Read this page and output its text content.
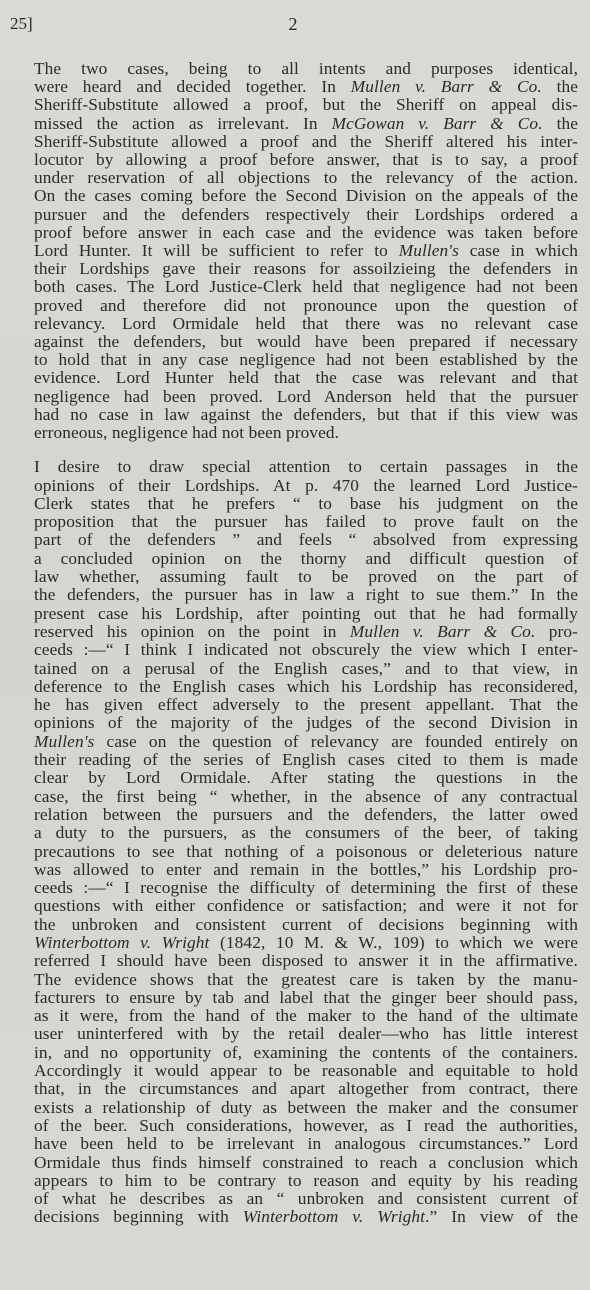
25]	2

The two cases, being to all intents and purposes identical,
were heard and decided together. In Mullen v. Barr & Co. the
Sheriff-Substitute allowed a proof, but the Sheriff on appeal dis-
missed the action as irrelevant. In McGowan v. Barr & Co. the
Sheriff-Substitute allowed a proof and the Sheriff altered his inter-
locutor by allowing a proof before answer, that is to say, a proof
under reservation of all objections to the relevancy of the action.
On the cases coming before the Second Division on the appeals of the
pursuer and the defenders respectively their Lordships ordered a
proof before answer in each case and the evidence was taken before
Lord Hunter. It will be sufficient to refer to Mullen's case in which
their Lordships gave their reasons for assoilzieing the defenders in
both cases. The Lord Justice-Clerk held that negligence had not been
proved and therefore did not pronounce upon the question of
relevancy. Lord Ormidale held that there was no relevant case
against the defenders, but would have been prepared if necessary
to hold that in any case negligence had not been established by the
evidence. Lord Hunter held that the case was relevant and that
negligence had been proved. Lord Anderson held that the pursuer
had no case in law against the defenders, but that if this view was
erroneous, negligence had not been proved.

I desire to draw special attention to certain passages in the
opinions of their Lordships. At p. 470 the learned Lord Justice-
Clerk states that he prefers “ to base his judgment on the
proposition that the pursuer has failed to prove fault on the
part of the defenders ” and feels “ absolved from expressing
a concluded opinion on the thorny and difficult question of
law whether, assuming fault to be proved on the part of
the defenders, the pursuer has in law a right to sue them.” In the
present case his Lordship, after pointing out that he had formally
reserved his opinion on the point in Mullen v. Barr & Co. pro-
ceeds :—“ I think I indicated not obscurely the view which I enter-
tained on a perusal of the English cases,” and to that view, in
deference to the English cases which his Lordship has reconsidered,
he has given effect adversely to the present appellant. That the
opinions of the majority of the judges of the second Division in
Mullen's case on the question of relevancy are founded entirely on
their reading of the series of English cases cited to them is made
clear by Lord Ormidale. After stating the questions in the
case, the first being “ whether, in the absence of any contractual
relation between the pursuers and the defenders, the latter owed
a duty to the pursuers, as the consumers of the beer, of taking
precautions to see that nothing of a poisonous or deleterious nature
was allowed to enter and remain in the bottles,” his Lordship pro-
ceeds :—“ I recognise the difficulty of determining the first of these
questions with either confidence or satisfaction; and were it not for
the unbroken and consistent current of decisions beginning with
Winterbottom v. Wright (1842, 10 M. & W., 109) to which we were
referred I should have been disposed to answer it in the affirmative.
The evidence shows that the greatest care is taken by the manu-
facturers to ensure by tab and label that the ginger beer should pass,
as it were, from the hand of the maker to the hand of the ultimate
user uninterfered with by the retail dealer—who has little interest
in, and no opportunity of, examining the contents of the containers.
Accordingly it would appear to be reasonable and equitable to hold
that, in the circumstances and apart altogether from contract, there
exists a relationship of duty as between the maker and the consumer
of the beer. Such considerations, however, as I read the authorities,
have been held to be irrelevant in analogous circumstances.” Lord
Ormidale thus finds himself constrained to reach a conclusion which
appears to him to be contrary to reason and equity by his reading
of what he describes as an “ unbroken and consistent current of
decisions beginning with Winterbottom v. Wright.” In view of the
